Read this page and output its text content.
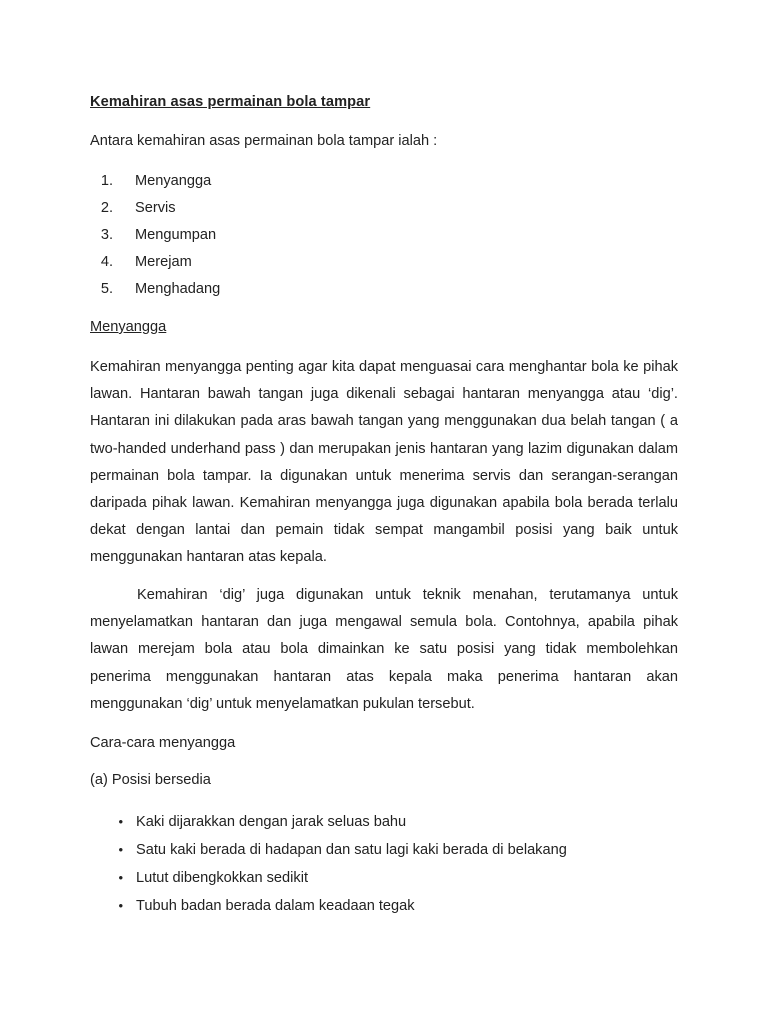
Kemahiran asas permainan bola tampar
Antara kemahiran asas permainan bola tampar ialah :
1. Menyangga
2. Servis
3. Mengumpan
4. Merejam
5. Menghadang
Menyangga

Kemahiran menyangga penting agar kita dapat menguasai cara menghantar bola ke pihak lawan. Hantaran bawah tangan juga dikenali sebagai hantaran menyangga atau ‘dig’. Hantaran ini dilakukan pada aras bawah tangan yang menggunakan dua belah tangan ( a two-handed underhand pass ) dan merupakan jenis hantaran yang lazim digunakan dalam permainan bola tampar. Ia digunakan untuk menerima servis dan serangan-serangan daripada pihak lawan. Kemahiran menyangga juga digunakan apabila bola berada terlalu dekat dengan lantai dan pemain tidak sempat mangambil posisi yang baik untuk menggunakan hantaran atas kepala.

Kemahiran ‘dig’ juga digunakan untuk teknik menahan, terutamanya untuk menyelamatkan hantaran dan juga mengawal semula bola. Contohnya, apabila pihak lawan merejam bola atau bola dimainkan ke satu posisi yang tidak membolehkan penerima menggunakan hantaran atas kepala maka penerima hantaran akan menggunakan ‘dig’ untuk menyelamatkan pukulan tersebut.

Cara-cara menyangga
(a) Posisi bersedia
• Kaki dijarakkan dengan jarak seluas bahu
• Satu kaki berada di hadapan dan satu lagi kaki berada di belakang
• Lutut dibengkokkan sedikit
• Tubuh badan berada dalam keadaan tegak
